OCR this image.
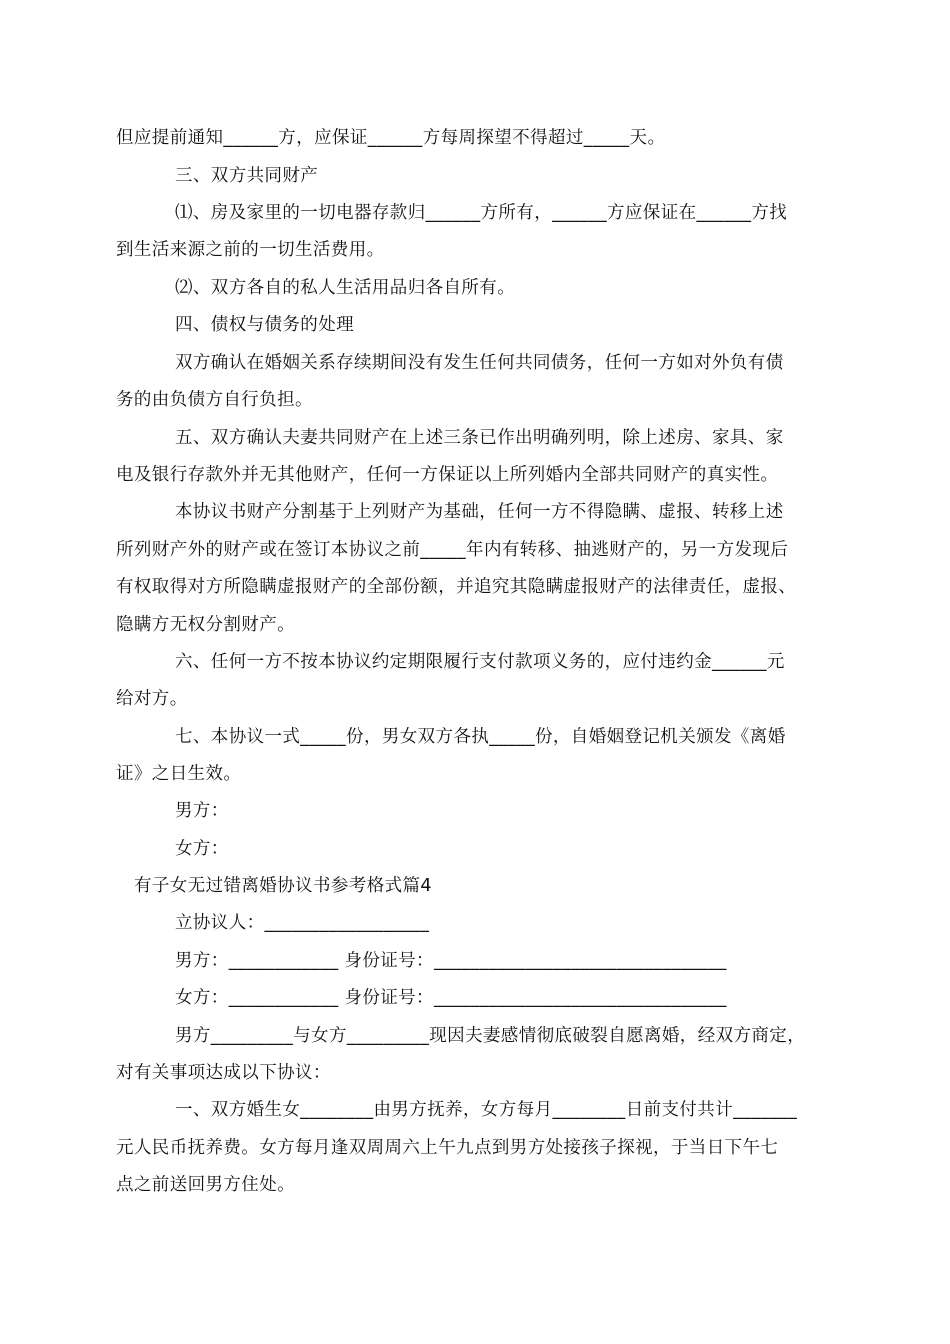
但应提前通知______方，应保证______方每周探望不得超过_____天。
三、双方共同财产
⑴、房及家里的一切电器存款归______方所有，______方应保证在______方找
到生活来源之前的一切生活费用。
⑵、双方各自的私人生活用品归各自所有。
四、债权与债务的处理
双方确认在婚姻关系存续期间没有发生任何共同债务，任何一方如对外负有债
务的由负债方自行负担。
五、双方确认夫妻共同财产在上述三条已作出明确列明，除上述房、家具、家
电及银行存款外并无其他财产，任何一方保证以上所列婚内全部共同财产的真实性。
本协议书财产分割基于上列财产为基础，任何一方不得隐瞒、虚报、转移上述
所列财产外的财产或在签订本协议之前_____年内有转移、抽逃财产的，另一方发现后
有权取得对方所隐瞒虚报财产的全部份额，并追究其隐瞒虚报财产的法律责任，虚报、
隐瞒方无权分割财产。
六、任何一方不按本协议约定期限履行支付款项义务的，应付违约金______元
给对方。
七、本协议一式_____份，男女双方各执_____份，自婚姻登记机关颁发《离婚
证》之日生效。
男方：
女方：
有子女无过错离婚协议书参考格式篇4
立协议人：__________________
男方：____________ 身份证号：________________________________
女方：____________ 身份证号：________________________________
男方_________与女方_________现因夫妻感情彻底破裂自愿离婚，经双方商定，
对有关事项达成以下协议：
一、双方婚生女________由男方抚养，女方每月________日前支付共计_______
元人民币抚养费。女方每月逢双周周六上午九点到男方处接孩子探视，于当日下午七
点之前送回男方住处。
